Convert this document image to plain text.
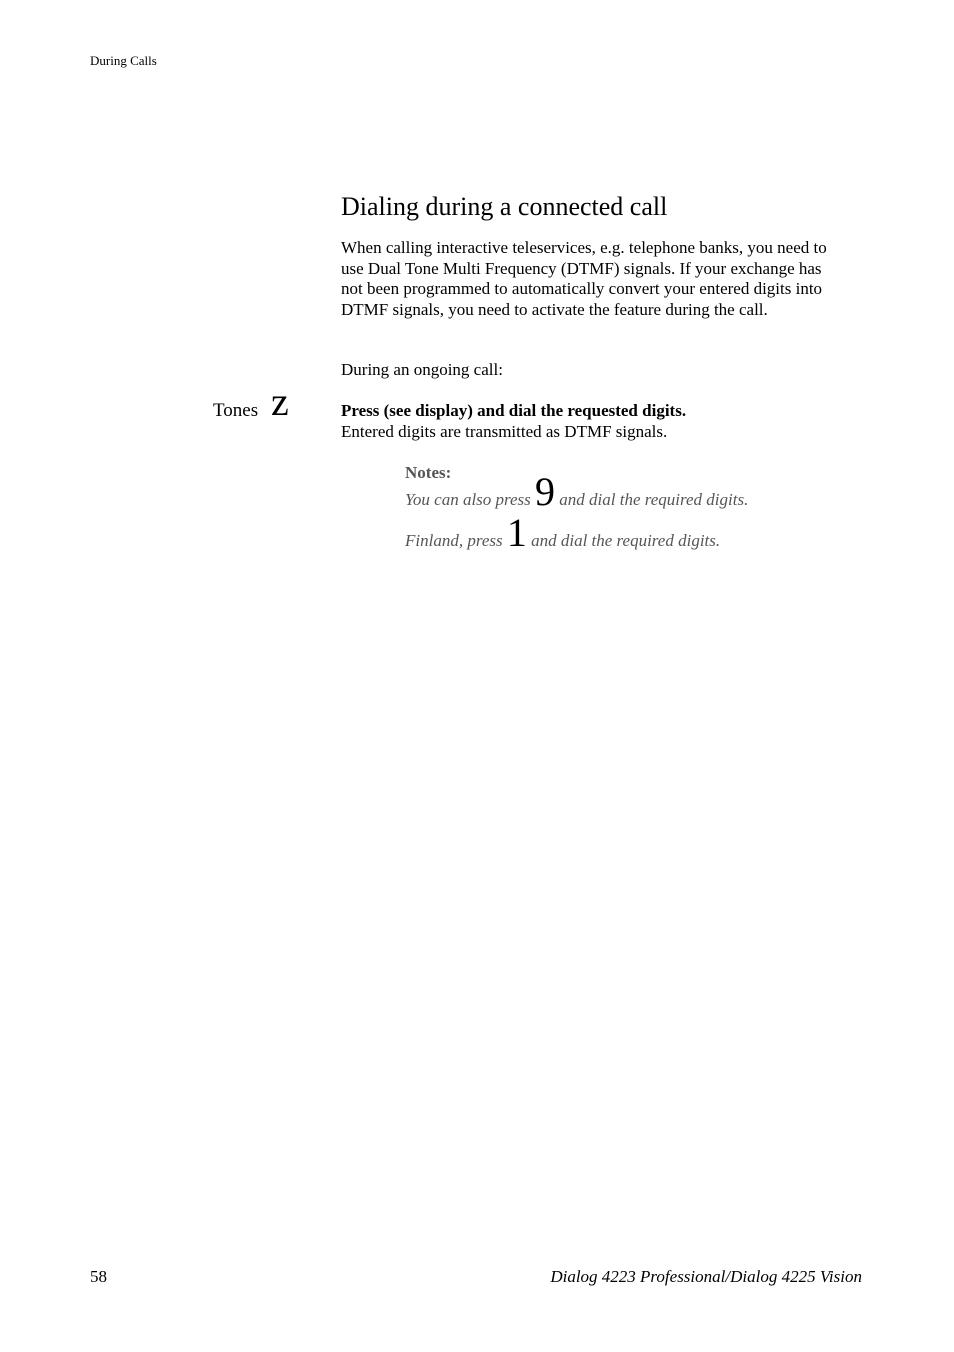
During Calls
Dialing during a connected call
When calling interactive teleservices, e.g. telephone banks, you need to
use Dual Tone Multi Frequency (DTMF) signals. If your exchange has
not been programmed to automatically convert your entered digits into
DTMF signals, you need to activate the feature during the call.
During an ongoing call:
Tones z	Press (see display) and dial the requested digits.
Entered digits are transmitted as DTMF signals.
Notes:
You can also press 9 and dial the required digits.
Finland, press 1 and dial the required digits.
58	Dialog 4223 Professional/Dialog 4225 Vision
